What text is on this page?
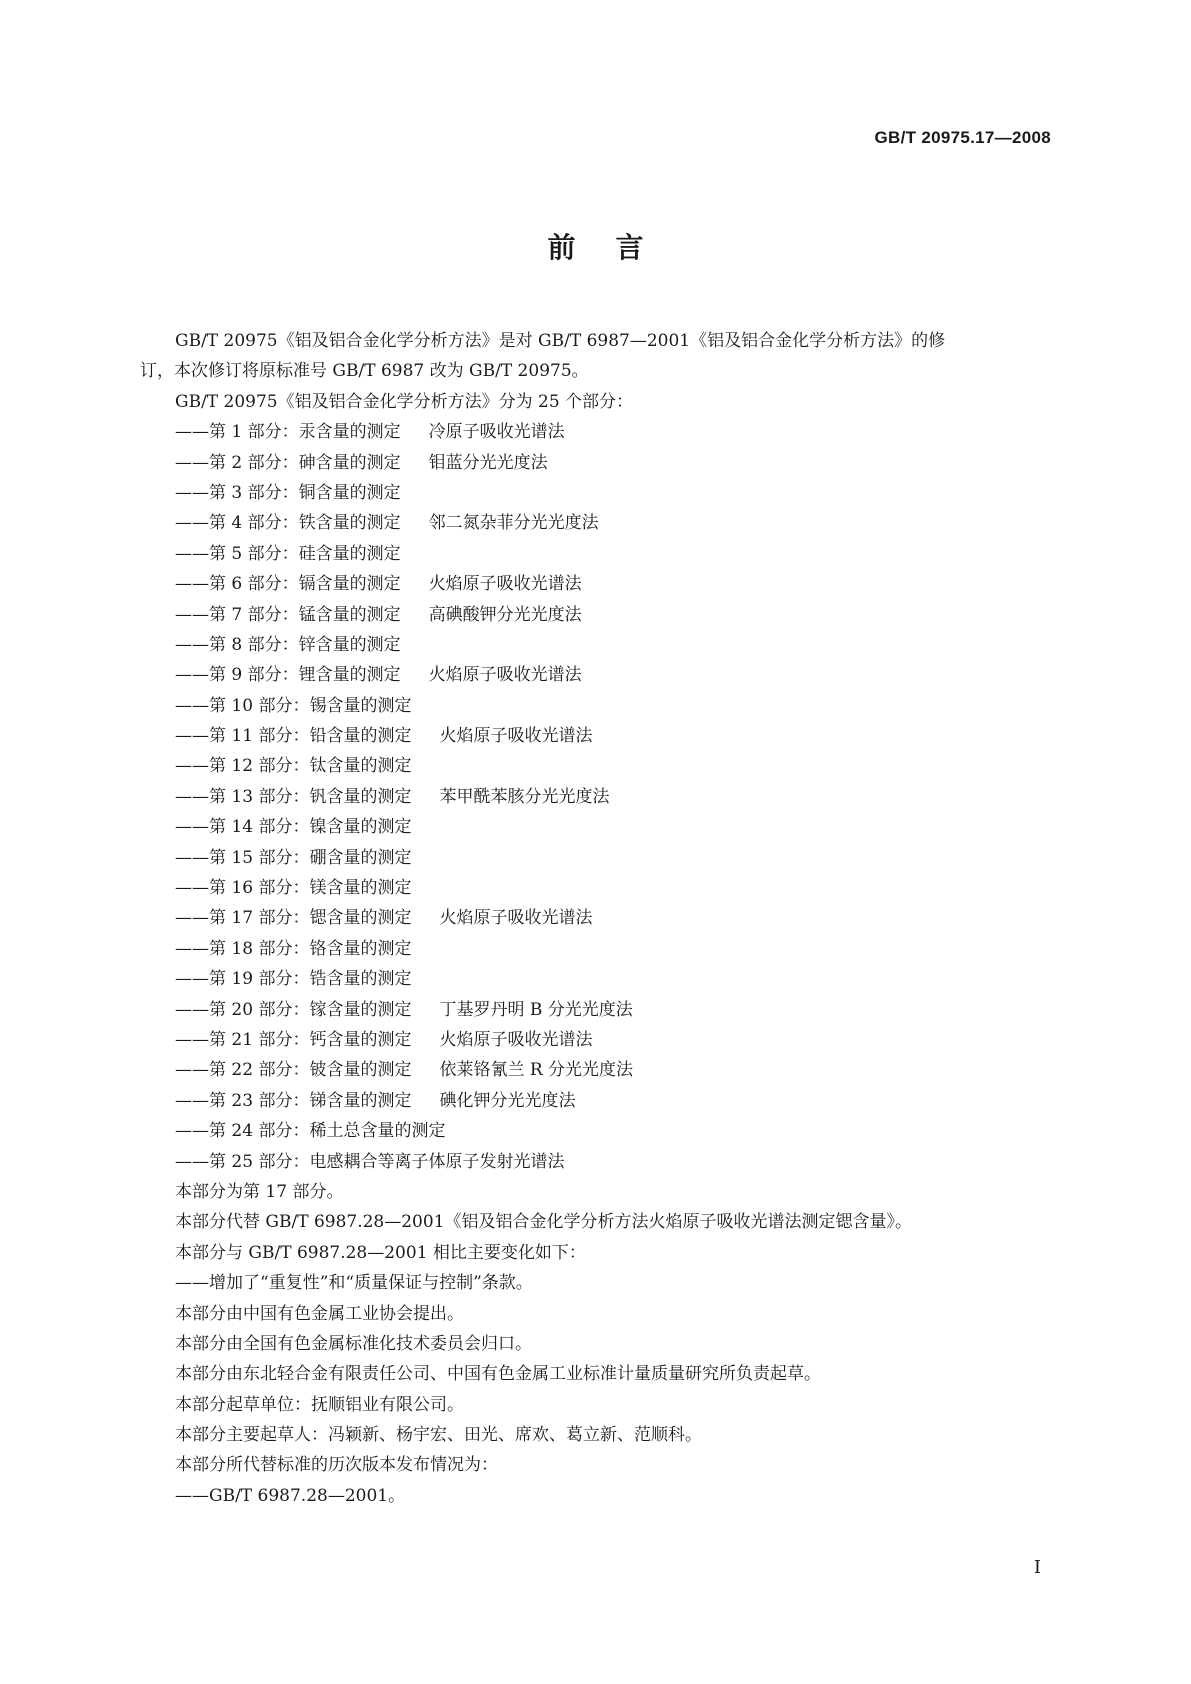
GB/T 20975.17—2008
前言
GB/T 20975《铝及铝合金化学分析方法》是对 GB/T 6987—2001《铝及铝合金化学分析方法》的修
订，本次修订将原标准号 GB/T 6987 改为 GB/T 20975。
GB/T 20975《铝及铝合金化学分析方法》分为 25 个部分：
——第 1 部分：汞含量的测定 冷原子吸收光谱法
——第 2 部分：砷含量的测定 钼蓝分光光度法
——第 3 部分：铜含量的测定
——第 4 部分：铁含量的测定 邻二氮杂菲分光光度法
——第 5 部分：硅含量的测定
——第 6 部分：镉含量的测定 火焰原子吸收光谱法
——第 7 部分：锰含量的测定 高碘酸钾分光光度法
——第 8 部分：锌含量的测定
——第 9 部分：锂含量的测定 火焰原子吸收光谱法
——第 10 部分：锡含量的测定
——第 11 部分：铅含量的测定 火焰原子吸收光谱法
——第 12 部分：钛含量的测定
——第 13 部分：钒含量的测定 苯甲酰苯胲分光光度法
——第 14 部分：镍含量的测定
——第 15 部分：硼含量的测定
——第 16 部分：镁含量的测定
——第 17 部分：锶含量的测定 火焰原子吸收光谱法
——第 18 部分：铬含量的测定
——第 19 部分：锆含量的测定
——第 20 部分：镓含量的测定 丁基罗丹明 B 分光光度法
——第 21 部分：钙含量的测定 火焰原子吸收光谱法
——第 22 部分：铍含量的测定 依莱铬氰兰 R 分光光度法
——第 23 部分：锑含量的测定 碘化钾分光光度法
——第 24 部分：稀土总含量的测定
——第 25 部分：电感耦合等离子体原子发射光谱法
本部分为第 17 部分。
本部分代替 GB/T 6987.28—2001《铝及铝合金化学分析方法火焰原子吸收光谱法测定锶含量》。
本部分与 GB/T 6987.28—2001 相比主要变化如下：
——增加了“重复性”和“质量保证与控制”条款。
本部分由中国有色金属工业协会提出。
本部分由全国有色金属标准化技术委员会归口。
本部分由东北轻合金有限责任公司、中国有色金属工业标准计量质量研究所负责起草。
本部分起草单位：抚顺铝业有限公司。
本部分主要起草人：冯颖新、杨宇宏、田光、席欢、葛立新、范顺科。
本部分所代替标准的历次版本发布情况为：
——GB/T 6987.28—2001。
I
